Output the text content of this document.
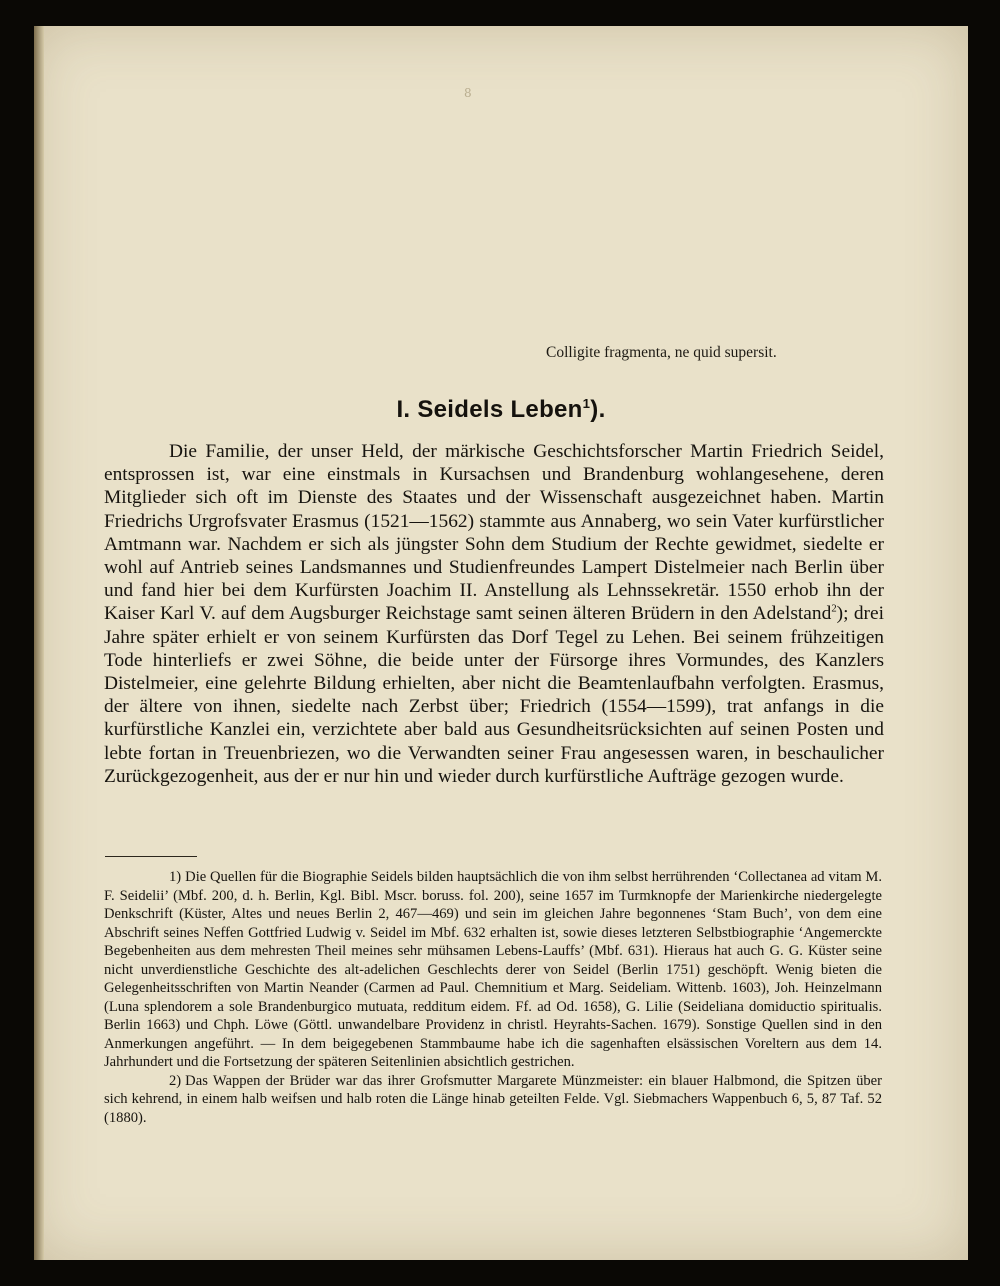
8
Colligite fragmenta, ne quid supersit.
I. Seidels Leben$^1$).

Die Familie, der unser Held, der märkische Geschichtsforscher Martin Friedrich Seidel, entsprossen ist, war eine einstmals in Kursachsen und Brandenburg wohlangesehene, deren Mitglieder sich oft im Dienste des Staates und der Wissenschaft ausgezeichnet haben. Martin Friedrichs Urgrofsvater Erasmus (1521—1562) stammte aus Annaberg, wo sein Vater kurfürstlicher Amtmann war. Nachdem er sich als jüngster Sohn dem Studium der Rechte gewidmet, siedelte er wohl auf Antrieb seines Landsmannes und Studienfreundes Lampert Distelmeier nach Berlin über und fand hier bei dem Kurfürsten Joachim II. Anstellung als Lehnssekretär. 1550 erhob ihn der Kaiser Karl V. auf dem Augsburger Reichstage samt seinen älteren Brüdern in den Adelstand$^2$); drei Jahre später erhielt er von seinem Kurfürsten das Dorf Tegel zu Lehen. Bei seinem frühzeitigen Tode hinterliefs er zwei Söhne, die beide unter der Fürsorge ihres Vormundes, des Kanzlers Distelmeier, eine gelehrte Bildung erhielten, aber nicht die Beamtenlaufbahn verfolgten. Erasmus, der ältere von ihnen, siedelte nach Zerbst über; Friedrich (1554—1599), trat anfangs in die kurfürstliche Kanzlei ein, verzichtete aber bald aus Gesundheitsrücksichten auf seinen Posten und lebte fortan in Treuenbriezen, wo die Verwandten seiner Frau angesessen waren, in beschaulicher Zurückgezogenheit, aus der er nur hin und wieder durch kurfürstliche Aufträge gezogen wurde.

1) Die Quellen für die Biographie Seidels bilden hauptsächlich die von ihm selbst herrührenden ‘Collectanea ad vitam M. F. Seidelii’ (Mbf. 200, d. h. Berlin, Kgl. Bibl. Mscr. boruss. fol. 200), seine 1657 im Turmknopfe der Marienkirche niedergelegte Denkschrift (Küster, Altes und neues Berlin 2, 467—469) und sein im gleichen Jahre begonnenes ‘Stam Buch’, von dem eine Abschrift seines Neffen Gottfried Ludwig v. Seidel im Mbf. 632 erhalten ist, sowie dieses letzteren Selbstbiographie ‘Angemerckte Begebenheiten aus dem mehresten Theil meines sehr mühsamen Lebens-Lauffs’ (Mbf. 631). Hieraus hat auch G. G. Küster seine nicht unverdienstliche Geschichte des alt-adelichen Geschlechts derer von Seidel (Berlin 1751) geschöpft. Wenig bieten die Gelegenheitsschriften von Martin Neander (Carmen ad Paul. Chemnitium et Marg. Seideliam. Wittenb. 1603), Joh. Heinzelmann (Luna splendorem a sole Brandenburgico mutuata, redditum eidem. Ff. ad Od. 1658), G. Lilie (Seideliana domiductio spiritualis. Berlin 1663) und Chph. Löwe (Göttl. unwandelbare Providenz in christl. Heyrahts-Sachen. 1679). Sonstige Quellen sind in den Anmerkungen angeführt. — In dem beigegebenen Stammbaume habe ich die sagenhaften elsässischen Voreltern aus dem 14. Jahrhundert und die Fortsetzung der späteren Seitenlinien absichtlich gestrichen.

2) Das Wappen der Brüder war das ihrer Grofsmutter Margarete Münzmeister: ein blauer Halbmond, die Spitzen über sich kehrend, in einem halb weifsen und halb roten die Länge hinab geteilten Felde. Vgl. Siebmachers Wappenbuch 6, 5, 87 Taf. 52 (1880).
